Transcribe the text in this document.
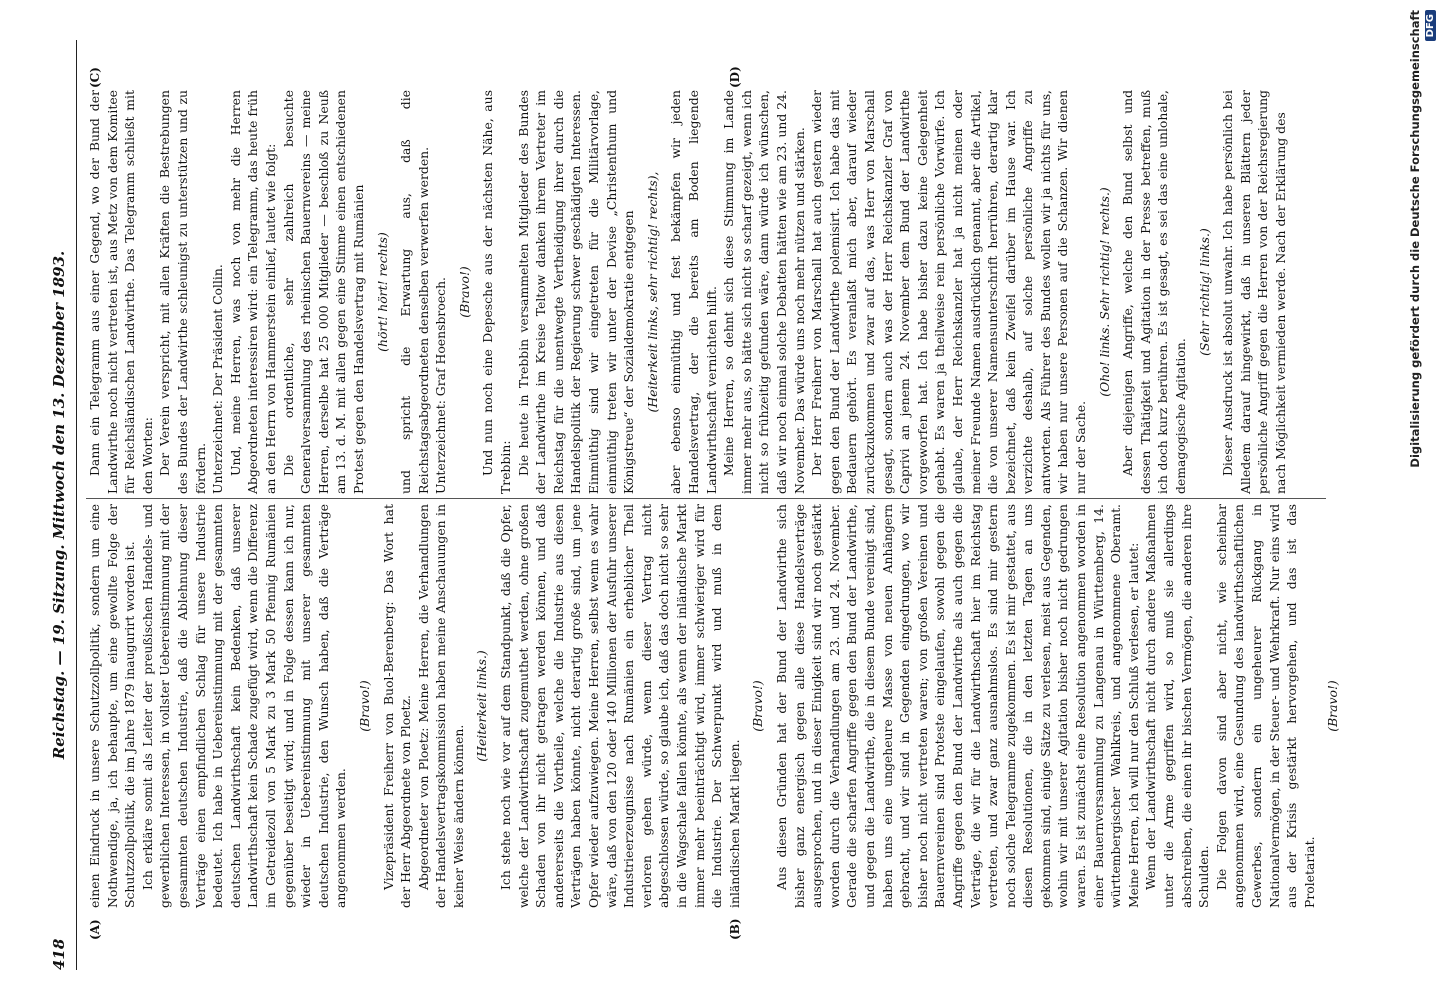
418
Reichstag. — 19. Sitzung. Mittwoch den 13. Dezember 1893.
(A)	(B)
(C)	(D)

einen Eindruck in unsere Schutzzollpolitik, sondern um eine Nothwendige, ja, ich behaupte, um eine gewollte Folge der Schutzzollpolitik, die im Jahre 1879 inaugurirt worden ist. Ich erkläre somit als Leiter der preußischen Handels- und gewerblichen Interessen, in vollster Uebereinstimmung mit der gesammten deutschen Industrie, daß die Ablehnung dieser Verträge einen empfindlichen Schlag für unsere Industrie bedeutet. Ich habe in Uebereinstimmung mit der gesammten deutschen Landwirthschaft kein Bedenken, daß unserer Landwirthschaft kein Schade zugefügt wird, wenn die Differenz im Getreidezoll von 5 Mark zu 3 Mark 50 Pfennig Rumänien gegenüber beseitigt wird; und in Folge dessen kann ich nur, wieder in Uebereinstimmung mit unserer gesammten deutschen Industrie, den Wunsch haben, daß die Verträge angenommen werden.

(Bravo!) Vizepräsident Freiherr von Buol-Berenberg: Das Wort hat der Herr Abgeordnete von Ploetz. Abgeordneter von Ploetz: Meine Herren, die Verhandlungen der Handelsvertragskommission haben meine Anschauungen in keiner Weise ändern können.

(Heiterkeit links.) Ich stehe noch wie vor auf dem Standpunkt, daß die Opfer, welche der Landwirthschaft zugemuthet werden, ohne großen Schaden von ihr nicht getragen werden können, und daß andererseits die Vortheile, welche die Industrie aus diesen Verträgen haben könnte, nicht derartig große sind, um jene Opfer wieder aufzuwiegen. Meine Herren, selbst wenn es wahr wäre, daß von den 120 oder 140 Millionen der Ausfuhr unserer Industrieerzeugnisse nach Rumänien ein erheblicher Theil verloren gehen würde, wenn dieser Vertrag nicht abgeschlossen würde, so glaube ich, daß das doch nicht so sehr in die Wagschale fallen könnte, als wenn der inländische Markt immer mehr beeinträchtigt wird, immer schwieriger wird für die Industrie. Der Schwerpunkt wird und muß in dem inländischen Markt liegen.

(Bravo!) Aus diesen Gründen hat der Bund der Landwirthe sich bisher ganz energisch gegen alle diese Handelsverträge ausgesprochen, und in dieser Einigkeit sind wir noch gestärkt worden durch die Verhandlungen am 23. und 24. November. Gerade die scharfen Angriffe gegen den Bund der Landwirthe, und gegen die Landwirthe, die in diesem Bunde vereinigt sind, haben uns eine ungeheure Masse von neuen Anhängern gebracht, und wir sind in Gegenden eingedrungen, wo wir bisher noch nicht vertreten waren; von großen Vereinen und Bauernvereinen sind Proteste eingelaufen, sowohl gegen die Angriffe gegen den Bund der Landwirthe als auch gegen die Verträge, die wir für die Landwirthschaft hier im Reichstag vertreten, und zwar ganz ausnahmslos. Es sind mir gestern noch solche Telegramme zugekommen. Es ist mir gestattet, aus diesen Resolutionen, die in den letzten Tagen an uns gekommen sind, einige Sätze zu verlesen, meist aus Gegenden, wohin wir mit unserer Agitation bisher noch nicht gedrungen waren. Es ist zunächst eine Resolution angenommen worden in einer Bauernversammlung zu Langenau in Württemberg, 14. württembergischer Wahlkreis, und angenommene Oberamt. Meine Herren, ich will nur den Schluß verlesen, er lautet: Wenn der Landwirthschaft nicht durch andere Maßnahmen unter die Arme gegriffen wird, so muß sie allerdings abschreiben, die einen ihr bischen Vermögen, die anderen ihre Schulden. Die Folgen davon sind aber nicht, wie scheinbar angenommen wird, eine Gesundung des landwirthschaftlichen Gewerbes, sondern ein ungeheurer Rückgang in Nationalvermögen, in der Steuer- und Wehrkraft. Nur eins wird aus der Krisis gestärkt hervorgehen, und das ist das Proletariat.

(Bravo!)

Dann ein Telegramm aus einer Gegend, wo der Bund der Landwirthe noch nicht vertreten ist, aus Metz von dem Komitee für Reichsländischen Landwirthe. Das Telegramm schließt mit den Worten: Der Verein verspricht, mit allen Kräften die Bestrebungen des Bundes der Landwirthe schleunigst zu unterstützen und zu fördern. Unterzeichnet: Der Präsident Collin. Und, meine Herren, was noch von mehr die Herren Abgeordneten interessiren wird: ein Telegramm, das heute früh an den Herrn von Hammerstein einlief, lautet wie folgt: Die ordentliche, sehr zahlreich besuchte Generalversammlung des rheinischen Bauernvereins — meine Herren, derselbe hat 25 000 Mitglieder — beschloß zu Neuß am 13. d. M. mit allen gegen eine Stimme einen entschiedenen Protest gegen den Handelsvertrag mit Rumänien (hört! hört! rechts) und spricht die Erwartung aus, daß die Reichstagsabgeordneten denselben verwerfen werden. Unterzeichnet: Graf Hoensbroech. (Bravo!) Und nun noch eine Depesche aus der nächsten Nähe, aus Trebbin: Die heute in Trebbin versammelten Mitglieder des Bundes der Landwirthe im Kreise Teltow danken ihrem Vertreter im Reichstag für die unentwegte Vertheidigung ihrer durch die Handelspolitik der Regierung schwer geschädigten Interessen. Einmüthig sind wir eingetreten für die Militärvorlage, einmüthig treten wir unter der Devise „Christenthum und Königstreue“ der Sozialdemokratie entgegen (Heiterkeit links, sehr richtig! rechts), aber ebenso einmüthig und fest bekämpfen wir jeden Handelsvertrag, der die bereits am Boden liegende Landwirthschaft vernichten hilft. Meine Herren, so dehnt sich diese Stimmung im Lande immer mehr aus, so hätte sich nicht so scharf gezeigt, wenn ich nicht so frühzeitig gefunden wäre, dann würde ich wünschen, daß wir noch einmal solche Debatten hätten wie am 23. und 24. November. Das würde uns noch mehr nützen und stärken. Der Herr Freiherr von Marschall hat auch gestern wieder gegen den Bund der Landwirthe polemisirt. Ich habe das mit Bedauern gehört. Es veranlaßt mich aber, darauf wieder zurückzukommen und zwar auf das, was Herr von Marschall gesagt, sondern auch was der Herr Reichskanzler Graf von Caprivi an jenem 24. November dem Bund der Landwirthe vorgeworfen hat. Ich habe bisher dazu keine Gelegenheit gehabt. Es waren ja theilweise rein persönliche Vorwürfe. Ich glaube, der Herr Reichskanzler hat ja nicht meinen oder meiner Freunde Namen ausdrücklich genannt, aber die Artikel, die von unserer Namensunterschrift herrühren, derartig klar bezeichnet, daß kein Zweifel darüber im Hause war. Ich verzichte deshalb, auf solche persönliche Angriffe zu antworten. Als Führer des Bundes wollen wir ja nichts für uns, wir haben nur unsere Personen auf die Schanzen. Wir dienen nur der Sache.

(Oho! links. Sehr richtig! rechts.) Aber diejenigen Angriffe, welche den Bund selbst und dessen Thätigkeit und Agitation in der Presse betreffen, muß ich doch kurz berühren. Es ist gesagt, es sei das eine unlohale, demagogische Agitation.

(Sehr richtig! links.) Dieser Ausdruck ist absolut unwahr. Ich habe persönlich bei Alledem darauf hingewirkt, daß in unseren Blättern jeder persönliche Angriff gegen die Herren von der Reichsregierung nach Möglichkeit vermieden werde. Nach der Erklärung des	Digitalisierung gefördert durch die Deutsche Forschungsgemeinschaft DFG
